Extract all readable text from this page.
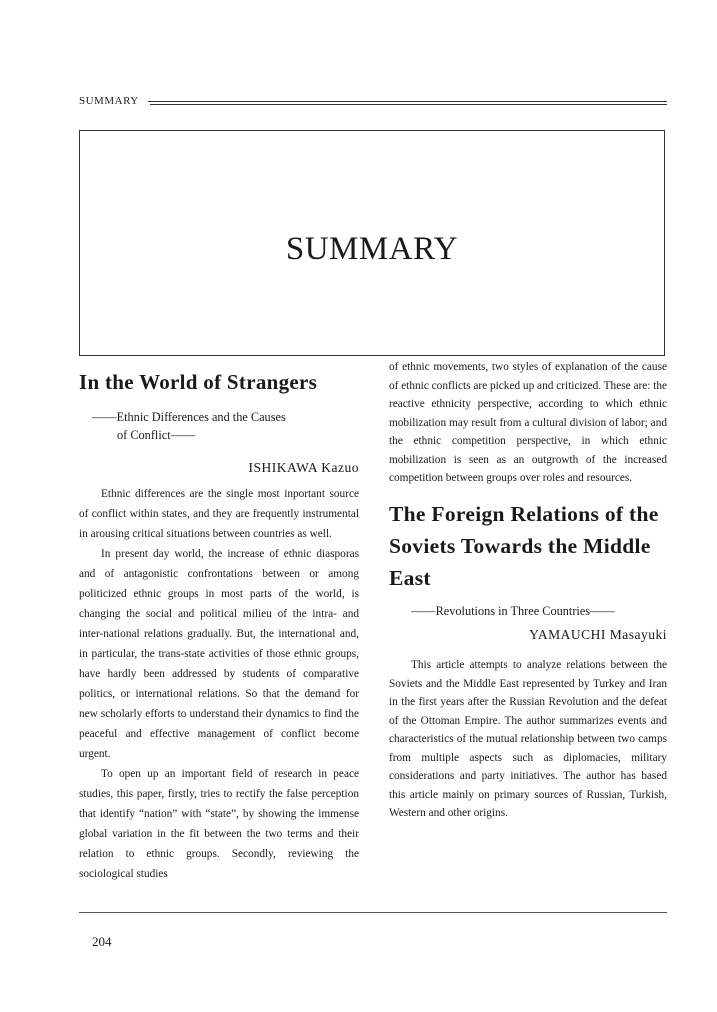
SUMMARY
SUMMARY
In the World of Strangers
——Ethnic Differences and the Causes
of Conflict——

ISHIKAWA Kazuo

Ethnic differences are the single most inportant source of conflict within states, and they are frequently instrumental in arousing critical situations between countries as well.

In present day world, the increase of ethnic diasporas and of antagonistic confrontations between or among politicized ethnic groups in most parts of the world, is changing the social and political milieu of the intra- and inter-national relations gradually. But, the international and, in particular, the trans-state activities of those ethnic groups, have hardly been addressed by students of comparative politics, or international relations. So that the demand for new scholarly efforts to understand their dynamics to find the peaceful and effective management of conflict become urgent.

To open up an important field of research in peace studies, this paper, firstly, tries to rectify the false perception that identify “nation” with “state”, by showing the immense global variation in the fit between the two terms and their relation to ethnic groups. Secondly, reviewing the sociological studies

of ethnic movements, two styles of explanation of the cause of ethnic conflicts are picked up and criticized. These are: the reactive ethnicity perspective, according to which ethnic mobilization may result from a cultural division of labor; and the ethnic competition perspective, in which ethnic mobilization is seen as an outgrowth of the increased competition between groups over roles and resources.

The Foreign Relations of the
Soviets Towards the Middle East
——Revolutions in Three Countries——

YAMAUCHI Masayuki

This article attempts to analyze relations between the Soviets and the Middle East represented by Turkey and Iran in the first years after the Russian Revolution and the defeat of the Ottoman Empire. The author summarizes events and characteristics of the mutual relationship between two camps from multiple aspects such as diplomacies, military considerations and party initiatives. The author has based this article mainly on primary sources of Russian, Turkish, Western and other origins.

204
